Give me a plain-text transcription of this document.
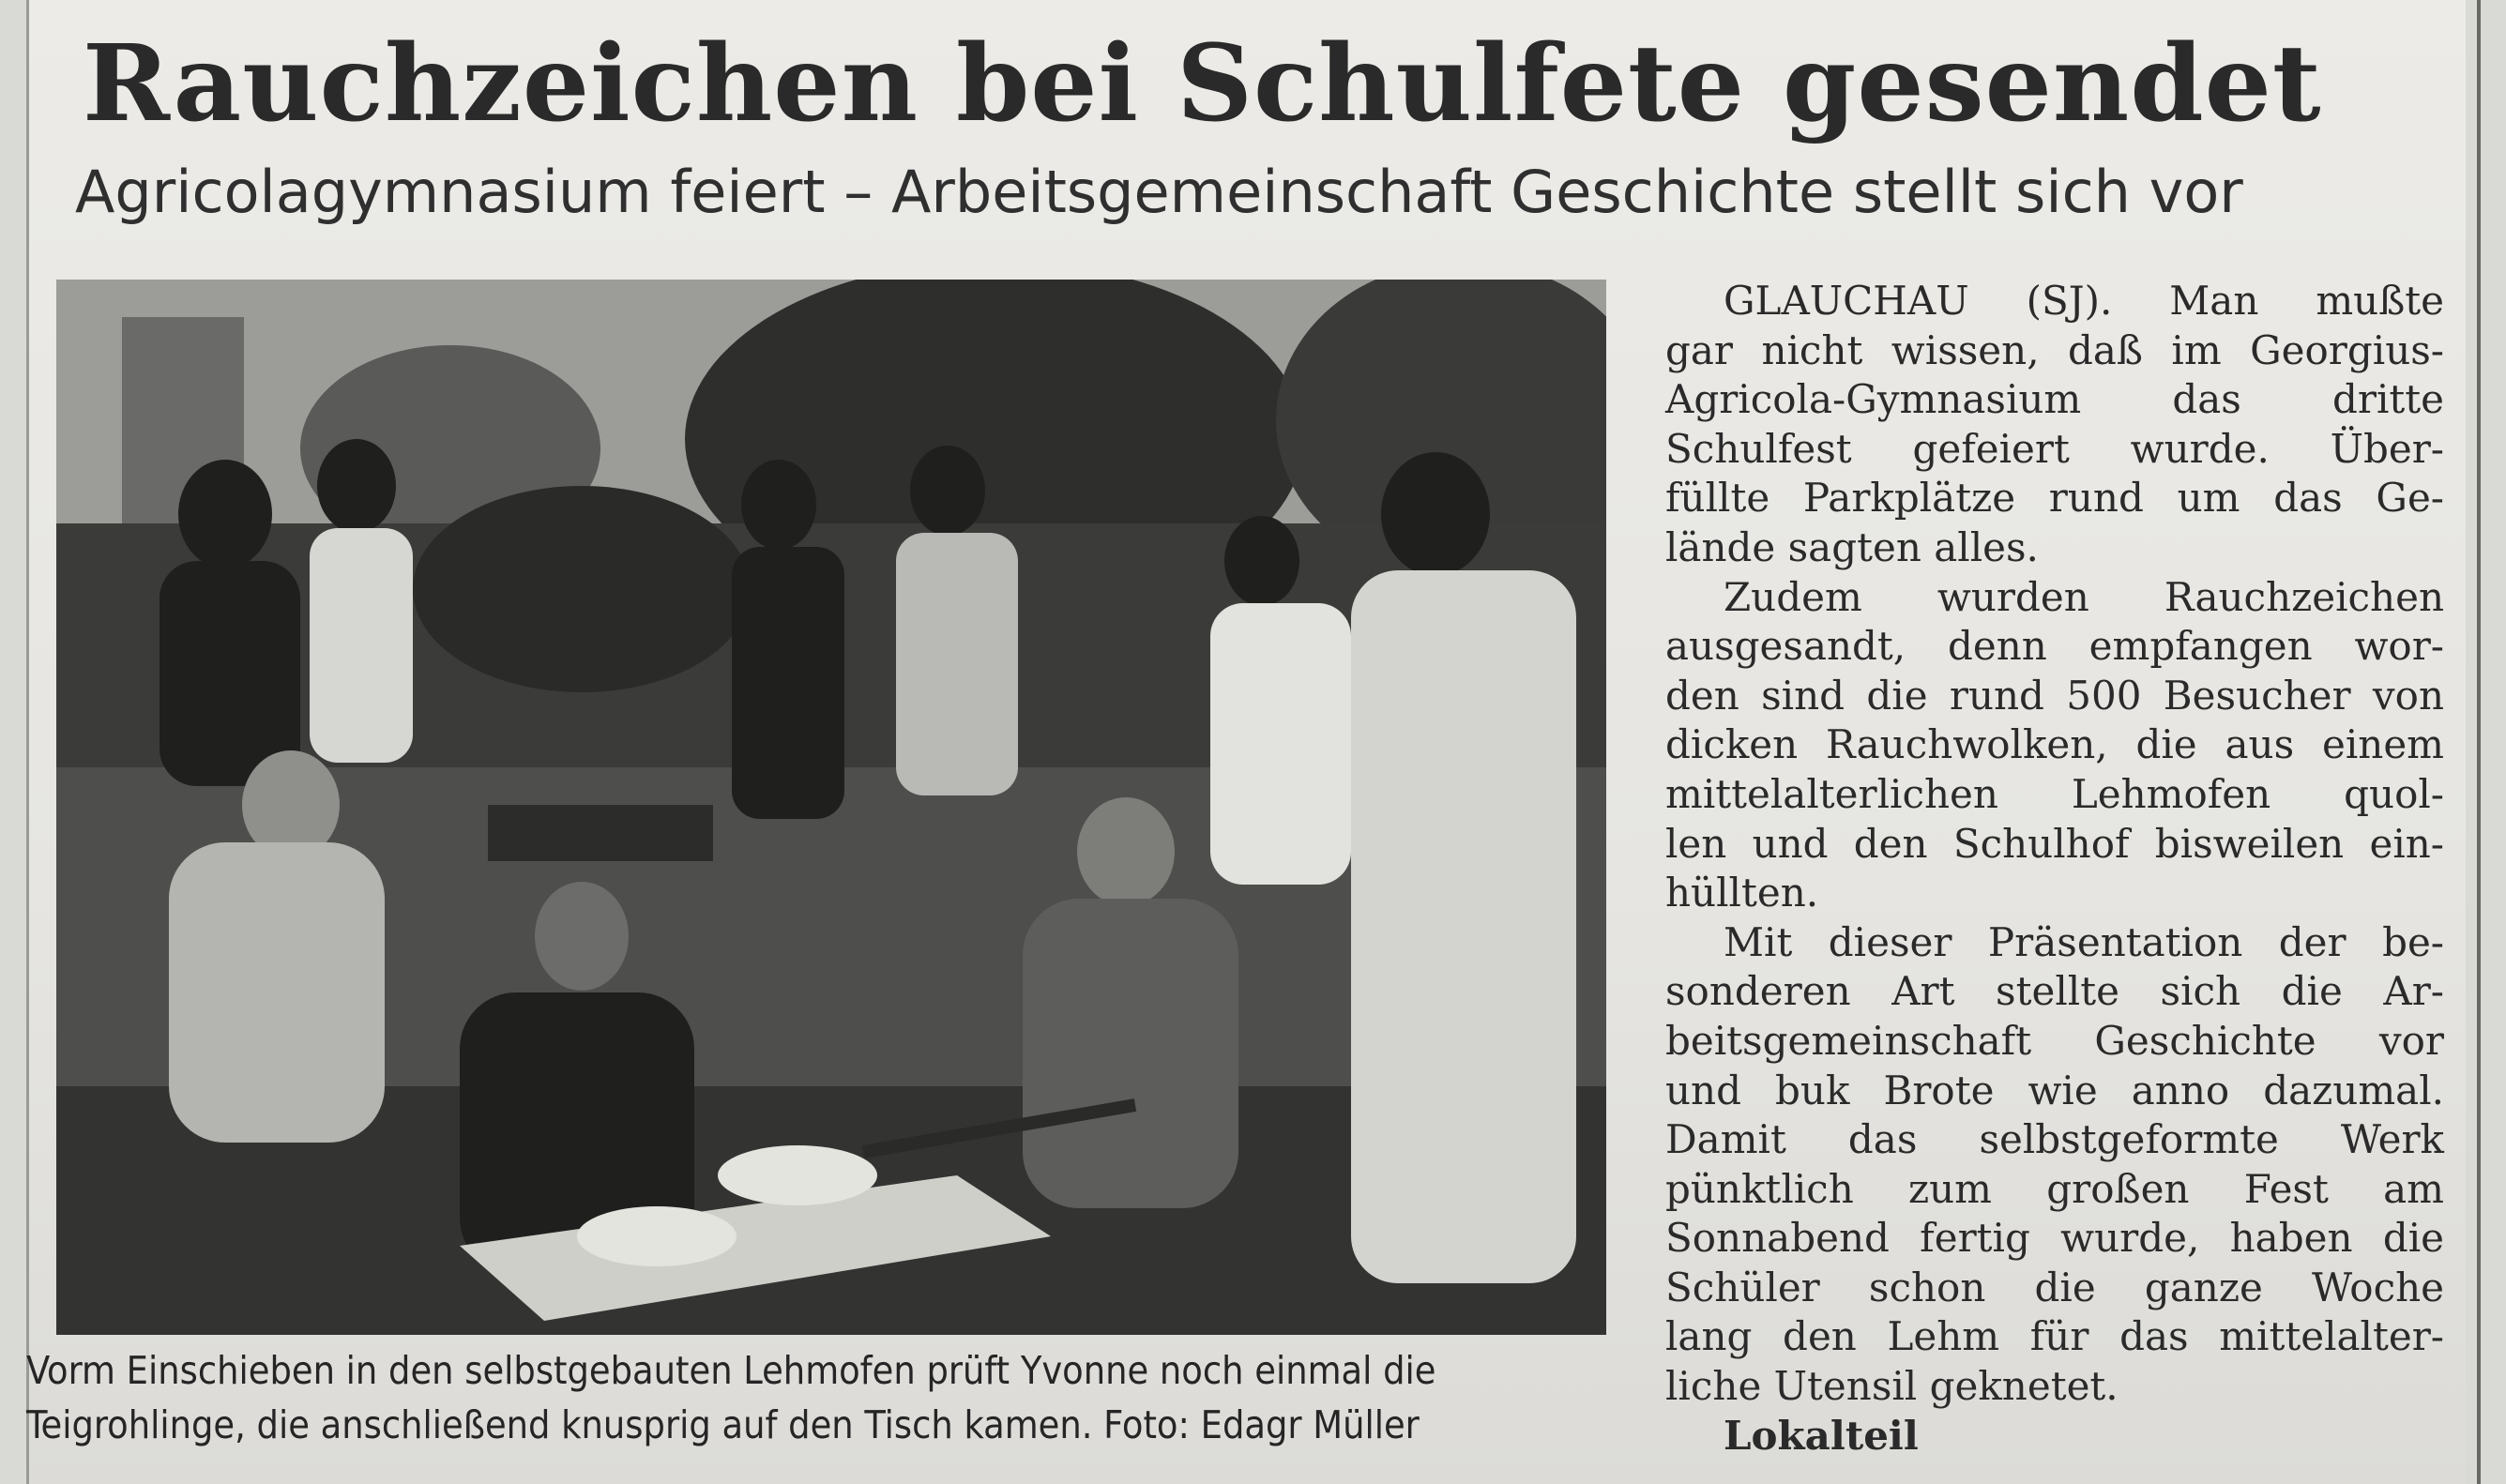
Rauchzeichen bei Schulfete gesendet
Agricolagymnasium feiert – Arbeitsgemeinschaft Geschichte stellt sich vor
Vorm Einschieben in den selbstgebauten Lehmofen prüft Yvonne noch einmal die
Teigrohlinge, die anschließend knusprig auf den Tisch kamen. Foto: Edagr Müller
GLAUCHAU (SJ). Man mußte
gar nicht wissen, daß im Georgius-
Agricola-Gymnasium das dritte
Schulfest gefeiert wurde. Über-
füllte Parkplätze rund um das Ge-
lände sagten alles.
Zudem wurden Rauchzeichen
ausgesandt, denn empfangen wor-
den sind die rund 500 Besucher von
dicken Rauchwolken, die aus einem
mittelalterlichen Lehmofen quol-
len und den Schulhof bisweilen ein-
hüllten.
Mit dieser Präsentation der be-
sonderen Art stellte sich die Ar-
beitsgemeinschaft Geschichte vor
und buk Brote wie anno dazumal.
Damit das selbstgeformte Werk
pünktlich zum großen Fest am
Sonnabend fertig wurde, haben die
Schüler schon die ganze Woche
lang den Lehm für das mittelalter-
liche Utensil geknetet.
Lokalteil
